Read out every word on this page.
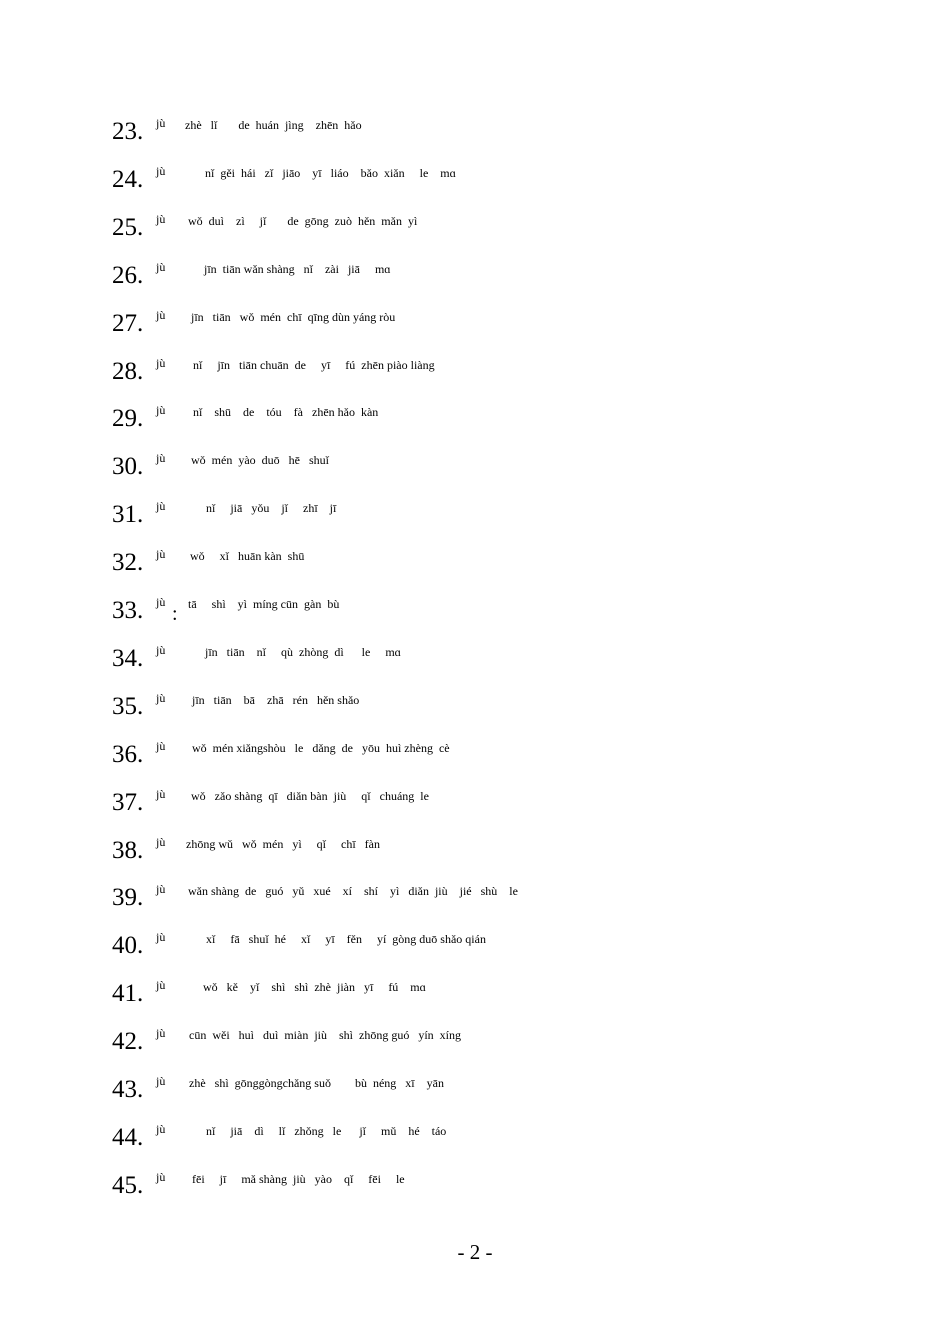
23. jù zhè   lǐ       de  huán  jìng    zhēn  hǎo
24. jù	nǐ  gěi  hái   zǐ   jiāo    yī   liáo    bǎo  xiǎn     le    mɑ
25. jù wǒ  duì    zì     jǐ       de  gōng  zuò  hěn  mǎn  yì
26. jù	jīn  tiān wǎn shàng   nǐ    zài   jiā     mɑ
27. jù jīn   tiān   wǒ  mén  chī  qīng dùn yáng ròu
28. jù nǐ     jīn   tiān chuān  de     yī     fú  zhēn piào liàng
29. jù nǐ    shū    de    tóu    fà   zhēn hǎo  kàn
30. jù wǒ  mén  yào  duō   hē   shuǐ
31. jù	nǐ     jiā   yǒu    jǐ     zhī    jī
32. jù wǒ     xǐ   huān kàn  shū
33. jù
: tā     shì    yì  míng cūn  gàn  bù
34. jù	jīn   tiān    nǐ     qù  zhòng  dì      le     mɑ
35. jù jīn   tiān    bā    zhā   rén   hěn shǎo
36. jù wǒ  mén xiǎngshòu   le   dǎng  de   yōu  huì zhèng  cè
37. jù wǒ   zǎo shàng  qī   diǎn bàn  jiù     qǐ   chuáng  le
38. jù zhōng wǔ   wǒ  mén   yì     qǐ     chī   fàn
39. jù wǎn shàng  de   guó   yǔ   xué    xí    shí    yì   diǎn  jiù    jié   shù    le
40. jù	xǐ     fā   shuǐ  hé     xǐ     yī    fěn     yí  gòng duō shǎo qián
41. jù	wǒ   kě    yǐ    shì   shì  zhè  jiàn   yī     fú    mɑ
42. jù cūn  wěi   huì   duì  miàn  jiù    shì  zhōng guó   yín  xíng
43. jù zhè   shì  gōnggòngchǎng suǒ        bù  néng   xī    yān
44. jù	nǐ     jiā    dì     lǐ   zhǒng   le      jǐ     mǔ    hé    táo
45. jù fēi     jī     mǎ shàng  jiù   yào    qǐ     fēi     le
- 2 -
